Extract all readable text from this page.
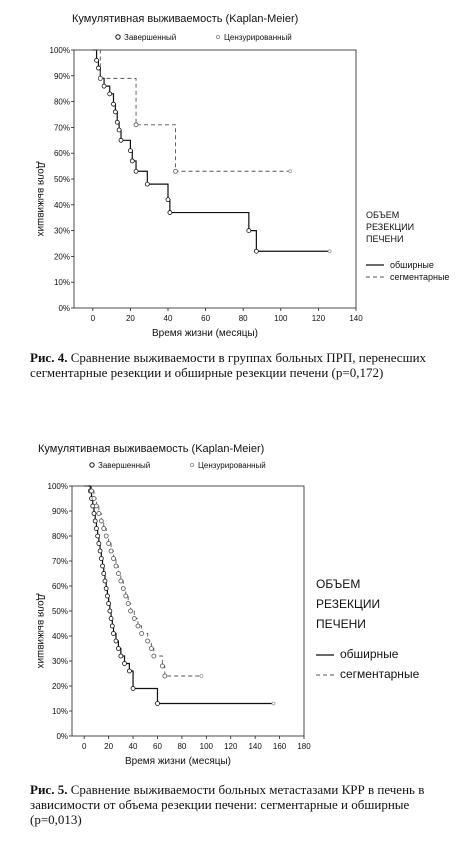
Кумулятивная выживаемость (Kaplan-Meier)
Завершенный	Цензурированный
0%
10%
20%
30%
40%
50%
60%
70%
80%
90%
100%
0	20	40	60	80	100	120	140
Время жизни (месяцы)
Доля выживших	ОБЪЕМ
РЕЗЕКЦИИ
ПЕЧЕНИ
обширные
сегментарные

Рис. 4. Сравнение выживаемости в группах больных ПРП, перенесших сегментарные резекции и обширные резекции печени (p=0,172)

Кумулятивная выживаемость (Kaplan-Meier)
Завершенный	Цензурированный
0%
10%
20%
30%
40%
50%
60%
70%
80%
90%
100%
0 20 40 60 80 100 120 140 160 180
Время жизни (месяцы)
Доля выживших
ОБЪЕМ
РЕЗЕКЦИИ
ПЕЧЕНИ
обширные
сегментарные

Рис. 5. Сравнение выживаемости больных метастазами КРР в печень в зависимости от объема резекции печени: сегментарные и обширные (p=0,013)
